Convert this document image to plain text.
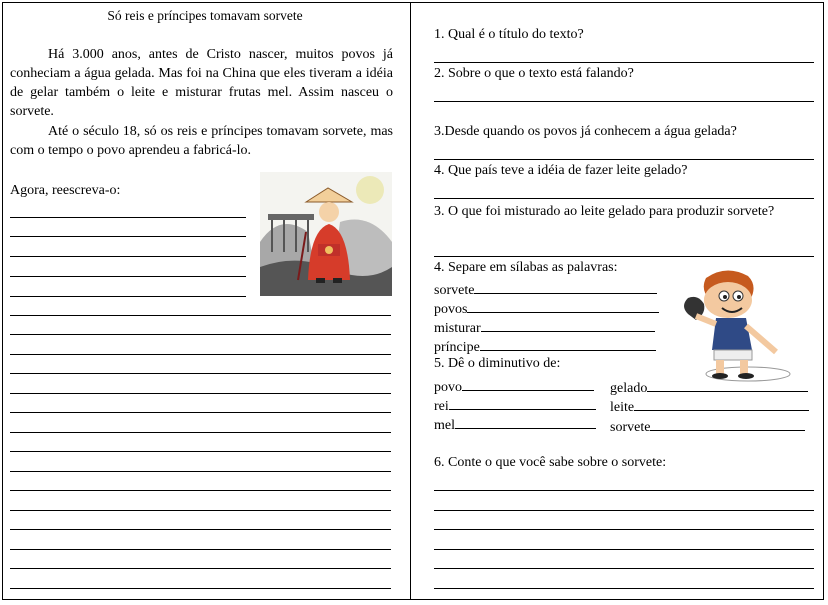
Só reis e príncipes tomavam sorvete
Há 3.000 anos, antes de Cristo nascer, muitos povos já conheciam a água gelada. Mas foi na China que eles tiveram a idéia de gelar também o leite e misturar frutas mel. Assim nasceu o sorvete.
Até o século 18, só os reis e príncipes tomavam sorvete, mas com o tempo o povo aprendeu a fabricá-lo.
Agora, reescreva-o:
1. Qual é o título do texto?
2. Sobre o que o texto está falando?
3.Desde quando os povos já conhecem a água gelada?
4. Que país teve a idéia de fazer leite gelado?
3. O que foi misturado ao leite gelado para produzir sorvete?
4. Separe em sílabas as palavras:
sorvete
povos
misturar
príncipe
5. Dê o diminutivo de:
povo
rei
mel
gelado
leite
sorvete
6. Conte o que você sabe sobre o sorvete:
